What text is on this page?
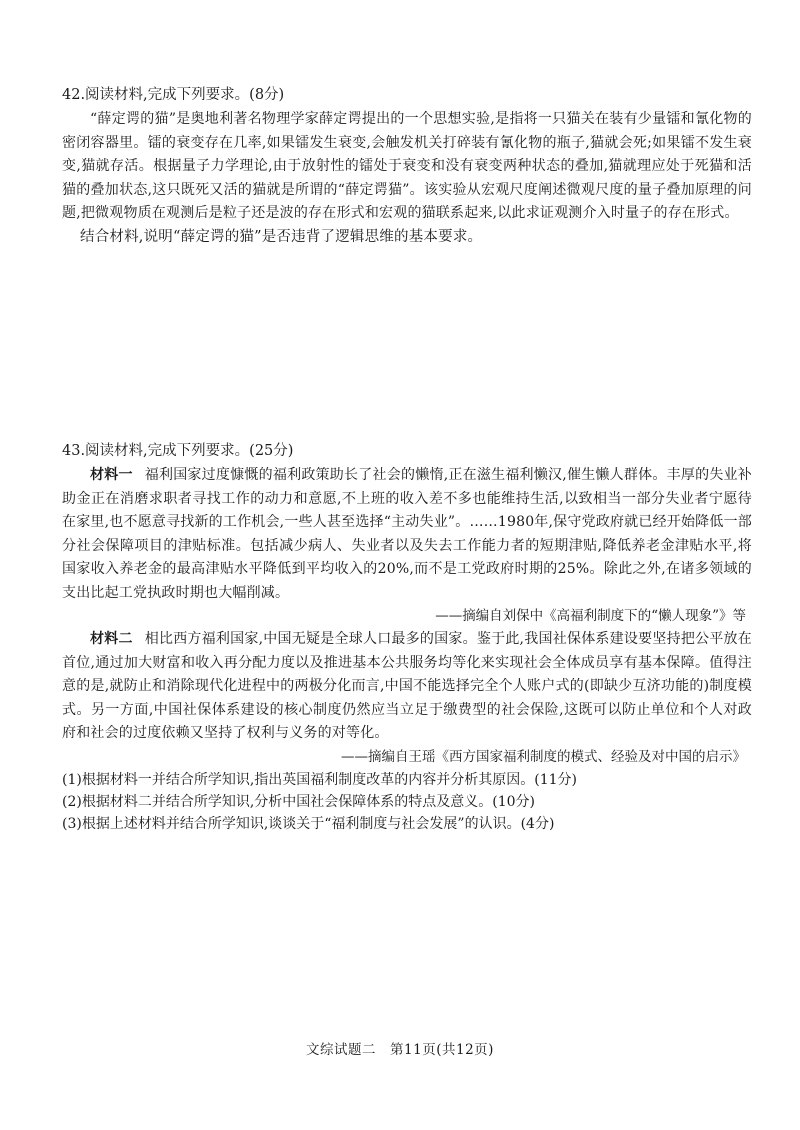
42.阅读材料,完成下列要求。(8分)

“薛定谔的猫”是奥地利著名物理学家薛定谔提出的一个思想实验,是指将一只猫关在装有少量镭和氰化物的密闭容器里。镭的衰变存在几率,如果镭发生衰变,会触发机关打碎装有氰化物的瓶子,猫就会死;如果镭不发生衰变,猫就存活。根据量子力学理论,由于放射性的镭处于衰变和没有衰变两种状态的叠加,猫就理应处于死猫和活猫的叠加状态,这只既死又活的猫就是所谓的“薛定谔猫”。该实验从宏观尺度阐述微观尺度的量子叠加原理的问题,把微观物质在观测后是粒子还是波的存在形式和宏观的猫联系起来,以此求证观测介入时量子的存在形式。

结合材料,说明“薛定谔的猫”是否违背了逻辑思维的基本要求。

43.阅读材料,完成下列要求。(25分)

材料一 福利国家过度慷慨的福利政策助长了社会的懒惰,正在滋生福利懒汉,催生懒人群体。丰厚的失业补助金正在消磨求职者寻找工作的动力和意愿,不上班的收入差不多也能维持生活,以致相当一部分失业者宁愿待在家里,也不愿意寻找新的工作机会,一些人甚至选择“主动失业”。……1980年,保守党政府就已经开始降低一部分社会保障项目的津贴标准。包括减少病人、失业者以及失去工作能力者的短期津贴,降低养老金津贴水平,将国家收入养老金的最高津贴水平降低到平均收入的20%,而不是工党政府时期的25%。除此之外,在诸多领域的支出比起工党执政时期也大幅削减。

——摘编自刘保中《高福利制度下的“懒人现象”》等

材料二 相比西方福利国家,中国无疑是全球人口最多的国家。鉴于此,我国社保体系建设要坚持把公平放在首位,通过加大财富和收入再分配力度以及推进基本公共服务均等化来实现社会全体成员享有基本保障。值得注意的是,就防止和消除现代化进程中的两极分化而言,中国不能选择完全个人账户式的(即缺少互济功能的)制度模式。另一方面,中国社保体系建设的核心制度仍然应当立足于缴费型的社会保险,这既可以防止单位和个人对政府和社会的过度依赖又坚持了权利与义务的对等化。

——摘编自王瑶《西方国家福利制度的模式、经验及对中国的启示》

(1)根据材料一并结合所学知识,指出英国福利制度改革的内容并分析其原因。(11分)

(2)根据材料二并结合所学知识,分析中国社会保障体系的特点及意义。(10分)

(3)根据上述材料并结合所学知识,谈谈关于“福利制度与社会发展”的认识。(4分)

文综试题二 第11页(共12页)
